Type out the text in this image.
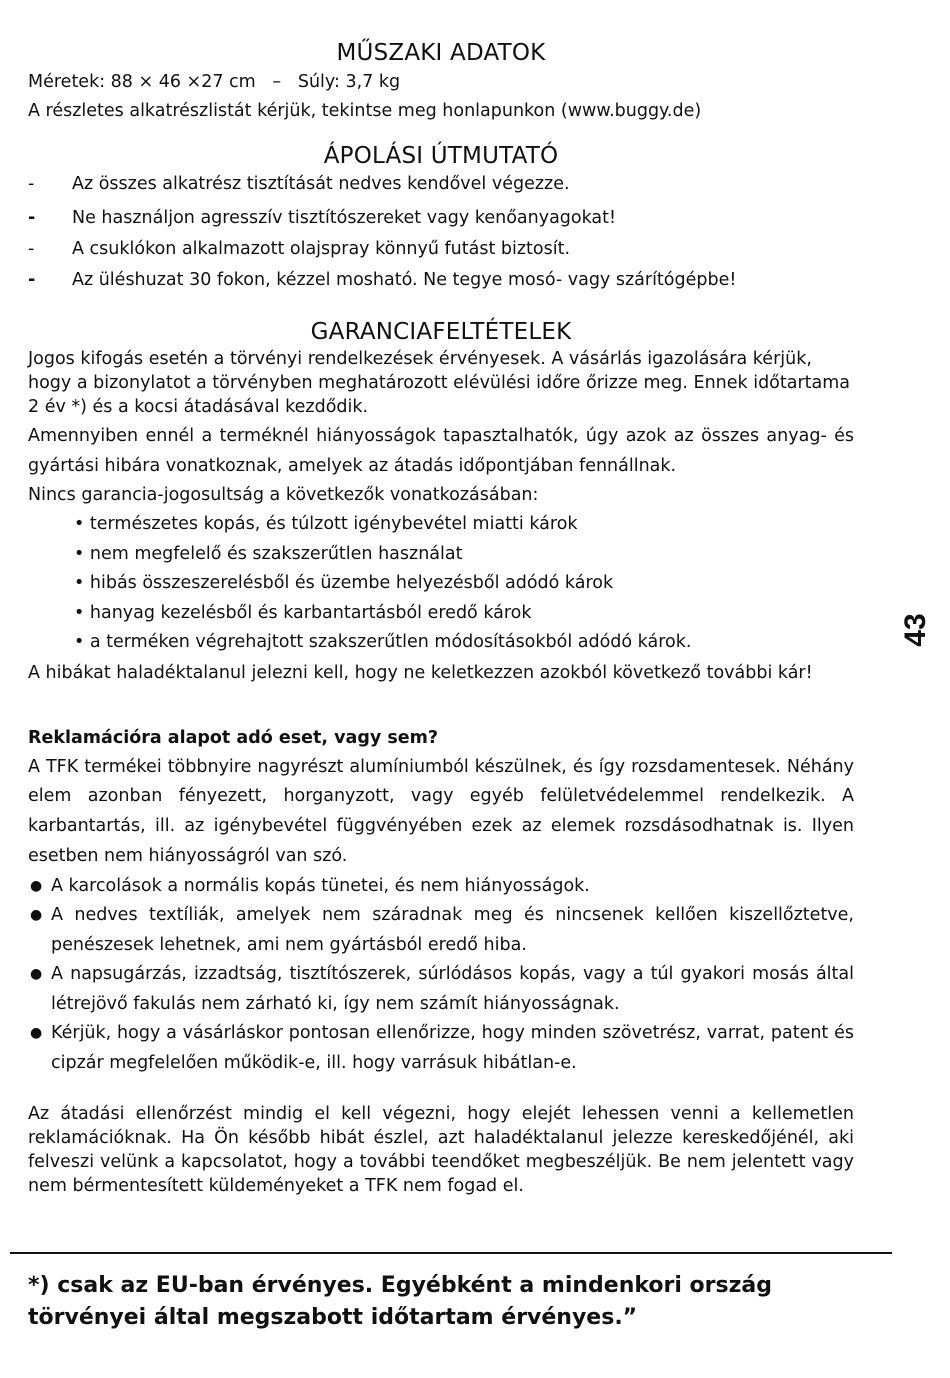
MŰSZAKI ADATOK

Méretek: 88 × 46 ×27 cm   –   Súly: 3,7 kg

A részletes alkatrészlistát kérjük, tekintse meg honlapunkon (www.buggy.de)

ÁPOLÁSI ÚTMUTATÓ
- Az összes alkatrész tisztítását nedves kendővel végezze.
- Ne használjon agresszív tisztítószereket vagy kenőanyagokat!
- A csuklókon alkalmazott olajspray könnyű futást biztosít.
- Az üléshuzat 30 fokon, kézzel mosható. Ne tegye mosó- vagy szárítógépbe!
GARANCIAFELTÉTELEK

Jogos kifogás esetén a törvényi rendelkezések érvényesek. A vásárlás igazolására kérjük, hogy a bizonylatot a törvényben meghatározott elévülési időre őrizze meg. Ennek időtartama 2 év *) és a kocsi átadásával kezdődik.

Amennyiben ennél a terméknél hiányosságok tapasztalhatók, úgy azok az összes anyag- és gyártási hibára vonatkoznak, amelyek az átadás időpontjában fennállnak.

Nincs garancia-jogosultság a következők vonatkozásában:

• természetes kopás, és túlzott igénybevétel miatti károk
• nem megfelelő és szakszerűtlen használat
• hibás összeszerelésből és üzembe helyezésből adódó károk
• hanyag kezelésből és karbantartásból eredő károk
• a terméken végrehajtott szakszerűtlen módosításokból adódó károk.

A hibákat haladéktalanul jelezni kell, hogy ne keletkezzen azokból következő további kár!

Reklamációra alapot adó eset, vagy sem?

A TFK termékei többnyire nagyrészt alumíniumból készülnek, és így rozsdamentesek. Néhány elem azonban fényezett, horganyzott, vagy egyéb felületvédelemmel rendelkezik. A karbantartás, ill. az igénybevétel függvényében ezek az elemek rozsdásodhatnak is. Ilyen esetben nem hiányosságról van szó.

● A karcolások a normális kopás tünetei, és nem hiányosságok.
● A nedves textíliák, amelyek nem száradnak meg és nincsenek kellően kiszellőztetve, penészesek lehetnek, ami nem gyártásból eredő hiba.
● A napsugárzás, izzadtság, tisztítószerek, súrlódásos kopás, vagy a túl gyakori mosás által létrejövő fakulás nem zárható ki, így nem számít hiányosságnak.
● Kérjük, hogy a vásárláskor pontosan ellenőrizze, hogy minden szövetrész, varrat, patent és cipzár megfelelően működik-e, ill. hogy varrásuk hibátlan-e.

Az átadási ellenőrzést mindig el kell végezni, hogy elejét lehessen venni a kellemetlen reklamációknak. Ha Ön később hibát észlel, azt haladéktalanul jelezze kereskedőjénél, aki felveszi velünk a kapcsolatot, hogy a további teendőket megbeszéljük. Be nem jelentett vagy nem bérmentesített küldeményeket a TFK nem fogad el.

*) csak az EU-ban érvényes. Egyébként a mindenkori ország törvényei által megszabott időtartam érvényes.”

43
